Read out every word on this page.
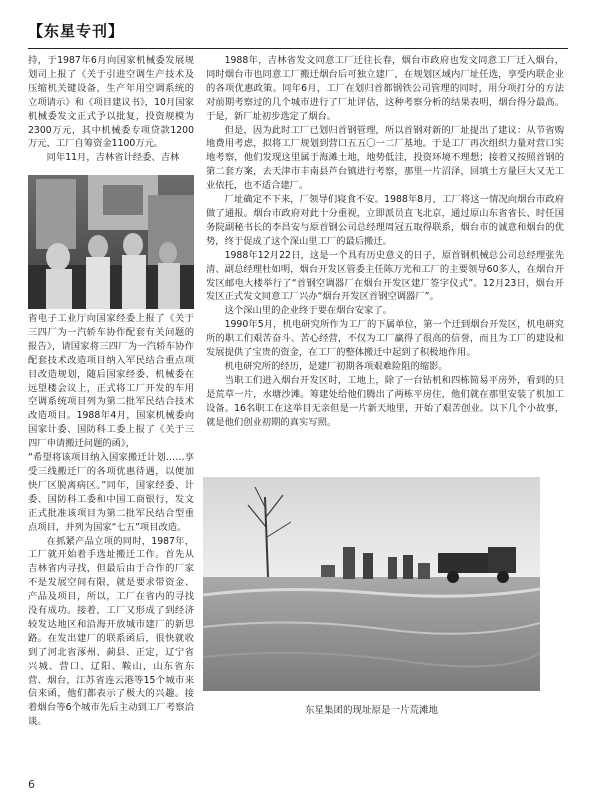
【东星专刊】

持，于1987年6月向国家机械委发展规划司上报了《关于引进空调生产技术及压缩机关键设备，生产年用空调系统的立项请示》和《项目建议书》，10月国家机械委发文正式予以批复，投资规模为2300万元，其中机械委专项贷款1200万元，工厂自筹资金1100万元。

同年11月，吉林省计经委、吉林

省电子工业厅向国家经委上报了《关于三四厂为一汽轿车协作配套有关问题的报告》，请国家将三四厂为一汽轿车协作配套技术改造项目纳入军民结合重点项目改造规划，随后国家经委、机械委在远望楼会议上，正式将工厂开发的车用空调系统项目列为第二批军民结合技术改造项目。1988年4月，国家机械委向国家计委、国防科工委上报了《关于三四厂申请搬迁问题的函》，

“希望将该项目纳入国家搬迁计划……享受三线搬迁厂的各项优惠待遇，以便加快厂区脱离病区。”同年，国家经委、计委、国防科工委和中国工商银行，发文正式批准该项目为第二批军民结合型重点项目，并列为国家“七五”项目改造。

在抓紧产品立项的同时，1987年，工厂就开始着手选址搬迁工作。首先从吉林省内寻找，但最后由于合作的厂家不是发展空间有限，就是要求带资金、产品及项目，所以，工厂在省内的寻找没有成功。接着，工厂又形成了到经济较发达地区和沿海开放城市建厂的新思路。在发出建厂的联系函后，很快就收到了河北省涿州、蓟县、正定，辽宁省兴城、营口、辽阳、鞍山，山东省东营、烟台，江苏省连云港等15个城市来信来函，他们都表示了极大的兴趣。接着烟台等6个城市先后主动到工厂考察洽谈。

1988年，吉林省发文同意工厂迁往长春，烟台市政府也发文同意工厂迁入烟台，同时烟台市也同意工厂搬迁烟台后可独立建厂，在规划区域内厂址任选，享受内联企业的各项优惠政策。同年6月，工厂在划归首都钢铁公司管理的同时，用分项打分的方法对前期考察过的几个城市进行了厂址评估，这种考察分析的结果表明，烟台得分最高。于是，新厂址初步选定了烟台。

但是，因为此时工厂已划归首钢管理，所以首钢对新的厂址提出了建议：从节省购地费用考虑，拟将工厂规划到营口五五〇一二厂基地。于是工厂再次组织力量对营口实地考察，他们发现这里属于海滩土地，地势低洼，投资环境不理想；接着又按照首钢的第二套方案，去天津市丰南县芦台镇进行考察，那里一片沼泽，回填土方量巨大又无工业依托，也不适合建厂。

厂址确定不下来，厂领导们寝食不安。1988年8月，工厂将这一情况向烟台市政府做了通报。烟台市政府对此十分重视，立即派员直飞北京，通过原山东省省长、时任国务院副秘书长的李昌安与原首钢公司总经理周冠五取得联系，烟台市的诚意和烟台的优势，终于促成了这个深山里工厂的最后搬迁。

1988年12月22日，这是一个具有历史意义的日子，原首钢机械总公司总经理张先清、副总经理杜如明，烟台开发区管委主任陈万光和工厂的主要领导60多人，在烟台开发区邮电大楼举行了“首钢空调器厂在烟台开发区建厂签字仪式”。12月23日，烟台开发区正式发文同意工厂兴办“烟台开发区首钢空调器厂”。

这个深山里的企业终于要在烟台安家了。

1990年5月，机电研究所作为工厂的下属单位，第一个迁到烟台开发区，机电研究所的职工们艰苦奋斗、苦心经营，不仅为工厂赢得了很高的信誉，而且为工厂的建设和发展提供了宝贵的资金，在工厂的整体搬迁中起到了积极地作用。

机电研究所的经历，是建厂初期各项艰难险阻的缩影。

当职工们进入烟台开发区时，工地上，除了一台钻机和四栋简易平房外，看到的只是荒草一片，水塘沙滩。筹建处给他们腾出了两栋平房住，他们就在那里安装了机加工设备。16名职工在这举目无亲但是一片新天地里，开始了艰苦创业。以下几个小故事，就是他们创业初期的真实写照。

东星集团的现址原是一片荒滩地
6
